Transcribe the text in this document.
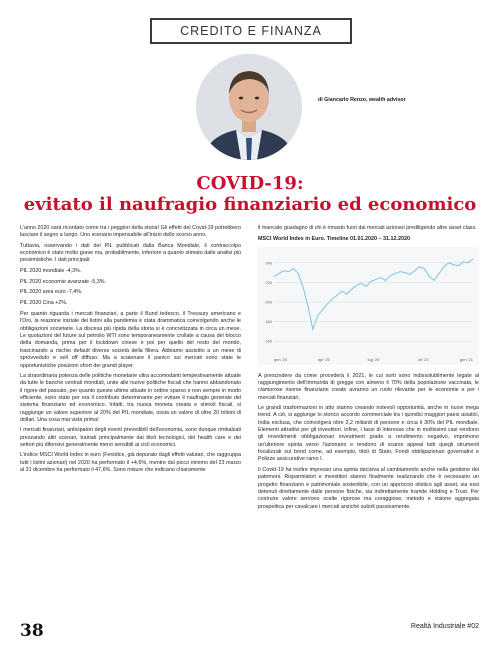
CREDITO E FINANZA
di Giancarlo Renzo, wealth advisor
COVID-19:
evitato il naufragio finanziario ed economico

L'anno 2020 sarà ricordato come tra i peggiori della storia! Gli effetti del Covid-19 potrebbero lasciare il segno a lungo. Uno scenario impensabile all'inizio dello scorso anno.

Tuttavia, osservando i dati del PIL pubblicati dalla Banca Mondiale, il contraccolpo economico è stato molto grave ma, probabilmente, inferiore a quanto stimato dalle analisi più pessimistiche. I dati principali:

PIL 2020 mondiale -4,3%.

PIL 2020 economie avanzate -5,3%.

PIL 2020 area euro -7,4%.

PIL 2020 Cina +2%.

Per quanto riguarda i mercati finanziari, a parte il Bund tedesco, il Tresaury americano e l'Oro, la reazione iniziale dei listini alla pandemia è stata drammatica coinvolgendo anche le obbligazioni societarie. La discesa più ripida della storia si è concretizzata in circa un mese. Le quotazioni del future sul petrolio WTI sono temporaneamente crollate a causa del blocco della domanda, prima per il lockdown cinese e poi per quello del resto del mondo, trascinando a rischio default diverse società della filiera. Abbiamo assistito a un mese di sprovveduto e sell off diffuso. Ma a scatenare il panico sui mercati sono state le opportunistiche posizioni short dei grandi player.

La straordinaria potenza delle politiche monetarie ultra accomodanti tempestivamente attuate da tutte le banche centrali mondiali, unite alle nuove politiche fiscali che hanno abbandonato il rigore del passato, per quanto queste ultime attuate in ordine sparso e non sempre in modo efficiente, sono state per ora il contributo determinante per evitare il naufragio generale del sistema finanziario ed economico. Infatti, tra nuova moneta creata e stimoli fiscali, si raggiunge un valore superiore al 20% del PIL mondiale, ossia un valore di oltre 20 trilioni di dollari. Una cosa mai vista prima!

I mercati finanziari, anticipatori degli eventi prevedibili dell'economia, sono dunque rimbalzati prezzando altri scenari, trainati principalmente dai titoli tecnologici, del health care e dei settori più difensivi generalmente meno sensibili ai cicli economici.

L'indice MSCI World Index in euro (Fenidice, già depurato dagli effetti valutari, che raggruppa tutti i listini azionari) nel 2020 ha performato il +4,6%, mentre dal picco minimo del 23 marzo al 31 dicembre ha performato il 47,6%. Sono misure che indicano chiaramente

il mancato guadagno di chi è rimasto fuori dai mercati azionari prediligendo altre asset class.

MSCI World Index in Euro. Timeline 01.01.2020 – 31.12.2020

240
220
200
180
160
gen '20	apr '20	lug '20	ott '20	gen '21

A prescindere da come procederà il 2021, le cui sorti sono indissolubilmente legate al raggiungimento dell'immunità di gregge con almeno il 70% della popolazione vaccinata, le clamorose risorse finanziarie create avranno un ruolo rilevante per le economie e per i mercati finanziari.

Le grandi trasformazioni in atto stanno creando notevoli opportunità, anche in nuovi mega trend. A ciò, si aggiunge lo storico accordo commerciale tra i quindici maggiori paesi asiatici, India esclusa, che coinvolgerà oltre 2,2 miliardi di persone e circa il 30% del PIL mondiale. Elementi attrattivi per gli investitori. Infine, i tassi di interesse che in moltissimi casi rendono gli investimenti obbligazionari investment grade a rendimento negativo, imprimono un'ulteriore spinta verso l'azionario e rendono di scarso appeal tutti quegli strumenti focalizzati sui bond come, ad esempio, titoli di Stato, Fondi obbligazionari governativi e Polizze assicurative ramo I.

Il Covid-19 ha inoltre impresso una spinta decisiva al cambiamento anche nella gestione dei patrimoni. Risparmiatori e investitori stanno finalmente realizzando che è necessario un progetto finanziario e patrimoniale sostenibile, con un approccio olistico agli asset, sia essi detenuti direttamente dalle persone fisiche, sia indirettamente tramite Holding e Trust. Per costruire valore servono scelte rigorose ma coraggiose, metodo e visione aggregata prospettica per cavalcare i mercati anziché subirli passivamente.

38	Realtà Industriale #02
